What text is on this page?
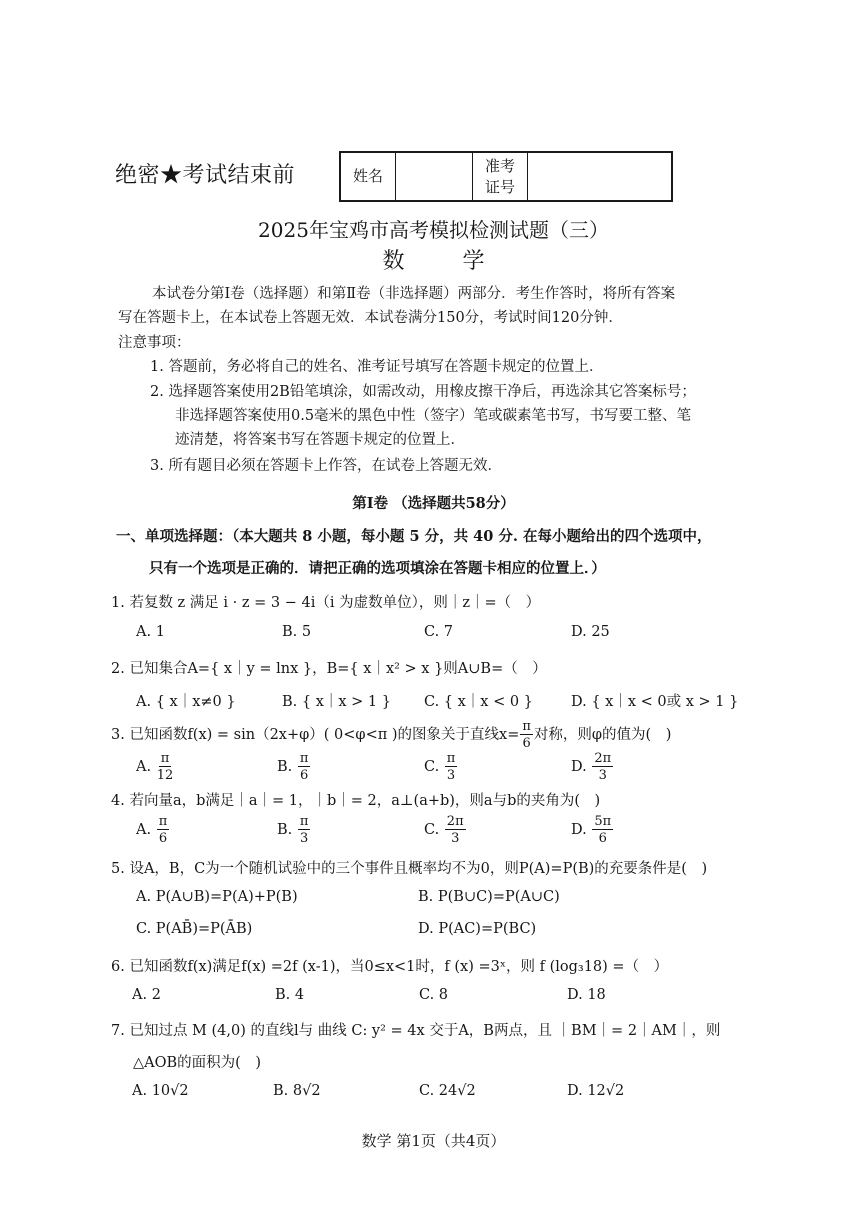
绝密★考试结束前	姓名
准考
证号
2025年宝鸡市高考模拟检测试题（三）
数　学
本试卷分第Ⅰ卷（选择题）和第Ⅱ卷（非选择题）两部分．考生作答时，将所有答案
写在答题卡上，在本试卷上答题无效．本试卷满分150分，考试时间120分钟．
注意事项：
1. 答题前，务必将自己的姓名、准考证号填写在答题卡规定的位置上．
2. 选择题答案使用2B铅笔填涂，如需改动，用橡皮擦干净后，再选涂其它答案标号；
非选择题答案使用0.5毫米的黑色中性（签字）笔或碳素笔书写，书写要工整、笔
迹清楚，将答案书写在答题卡规定的位置上．
3. 所有题目必须在答题卡上作答，在试卷上答题无效．
第Ⅰ卷 （选择题共58分）
一、单项选择题：（本大题共 8 小题，每小题 5 分，共 40 分. 在每小题给出的四个选项中，
只有一个选项是正确的．请把正确的选项填涂在答题卡相应的位置上．）
1. 若复数 z 满足 i · z = 3 − 4i（i 为虚数单位），则｜z｜=（　）
A. 1	B. 5	C. 7	D. 25
2. 已知集合A={ x｜y = lnx }，B={ x｜x² > x }则A∪B=（　）
A. { x｜x≠0 }	B. { x｜x > 1 } C. { x｜x < 0 }	D. { x｜x < 0或 x > 1 }
3. 已知函数f(x) = sin（2x+φ）( 0<φ<π )的图象关于直线$x= \frac{\pi}{6}$ 对称，则φ的值为(　)
A. $\frac{\pi}{12}$	B. $\frac{\pi}{6}$	C. $\frac{\pi}{3}$	D. $\frac{2\pi}{3}$
4. 若向量a，b满足｜a｜= 1，｜b｜= 2，a⊥(a+b)，则a与b的夹角为(　)
A. $\frac{\pi}{6}$	B. $\frac{\pi}{3}$	C. $\frac{2\pi}{3}$	D. $\frac{5\pi}{6}$
5. 设A，B，C为一个随机试验中的三个事件且概率均不为0，则P(A)=P(B)的充要条件是(　)
A. P(A∪B)=P(A)+P(B)	B. P(B∪C)=P(A∪C)
C. P(AB̄)=P(ĀB)	D. P(AC)=P(BC)
6. 已知函数f(x)满足f(x) =2f (x-1)，当0≤x<1时，f (x) =3ˣ，则 f (log₃18) =（　）
A. 2	B. 4	C. 8	D. 18
7. 已知过点 M (4,0) 的直线l与 曲线 C: y² = 4x 交于A，B两点，且 ｜BM｜= 2｜AM｜，则
△AOB的面积为(　)
A. 10√2	B. 8√2	C. 24√2	D. 12√2
数学 第1页（共4页）
